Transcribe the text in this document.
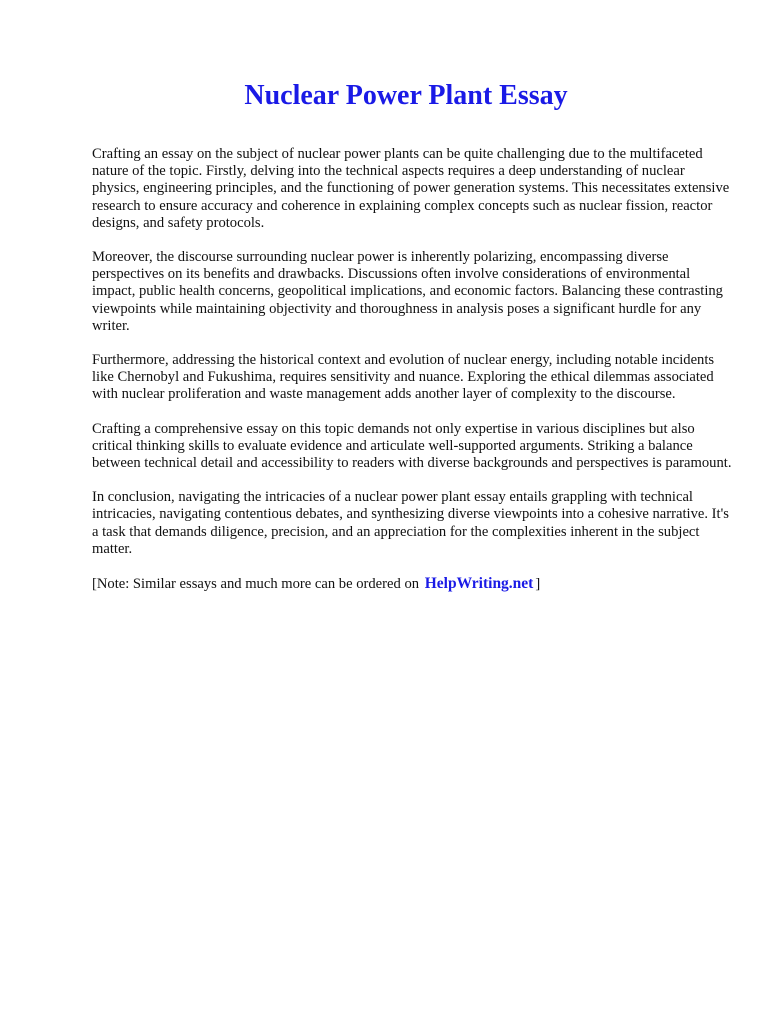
Nuclear Power Plant Essay

Crafting an essay on the subject of nuclear power plants can be quite challenging due to the multifaceted nature of the topic. Firstly, delving into the technical aspects requires a deep understanding of nuclear physics, engineering principles, and the functioning of power generation systems. This necessitates extensive research to ensure accuracy and coherence in explaining complex concepts such as nuclear fission, reactor designs, and safety protocols.

Moreover, the discourse surrounding nuclear power is inherently polarizing, encompassing diverse perspectives on its benefits and drawbacks. Discussions often involve considerations of environmental impact, public health concerns, geopolitical implications, and economic factors. Balancing these contrasting viewpoints while maintaining objectivity and thoroughness in analysis poses a significant hurdle for any writer.

Furthermore, addressing the historical context and evolution of nuclear energy, including notable incidents like Chernobyl and Fukushima, requires sensitivity and nuance. Exploring the ethical dilemmas associated with nuclear proliferation and waste management adds another layer of complexity to the discourse.

Crafting a comprehensive essay on this topic demands not only expertise in various disciplines but also critical thinking skills to evaluate evidence and articulate well-supported arguments. Striking a balance between technical detail and accessibility to readers with diverse backgrounds and perspectives is paramount.

In conclusion, navigating the intricacies of a nuclear power plant essay entails grappling with technical intricacies, navigating contentious debates, and synthesizing diverse viewpoints into a cohesive narrative. It's a task that demands diligence, precision, and an appreciation for the complexities inherent in the subject matter.

[Note: Similar essays and much more can be ordered on HelpWriting.net ]
